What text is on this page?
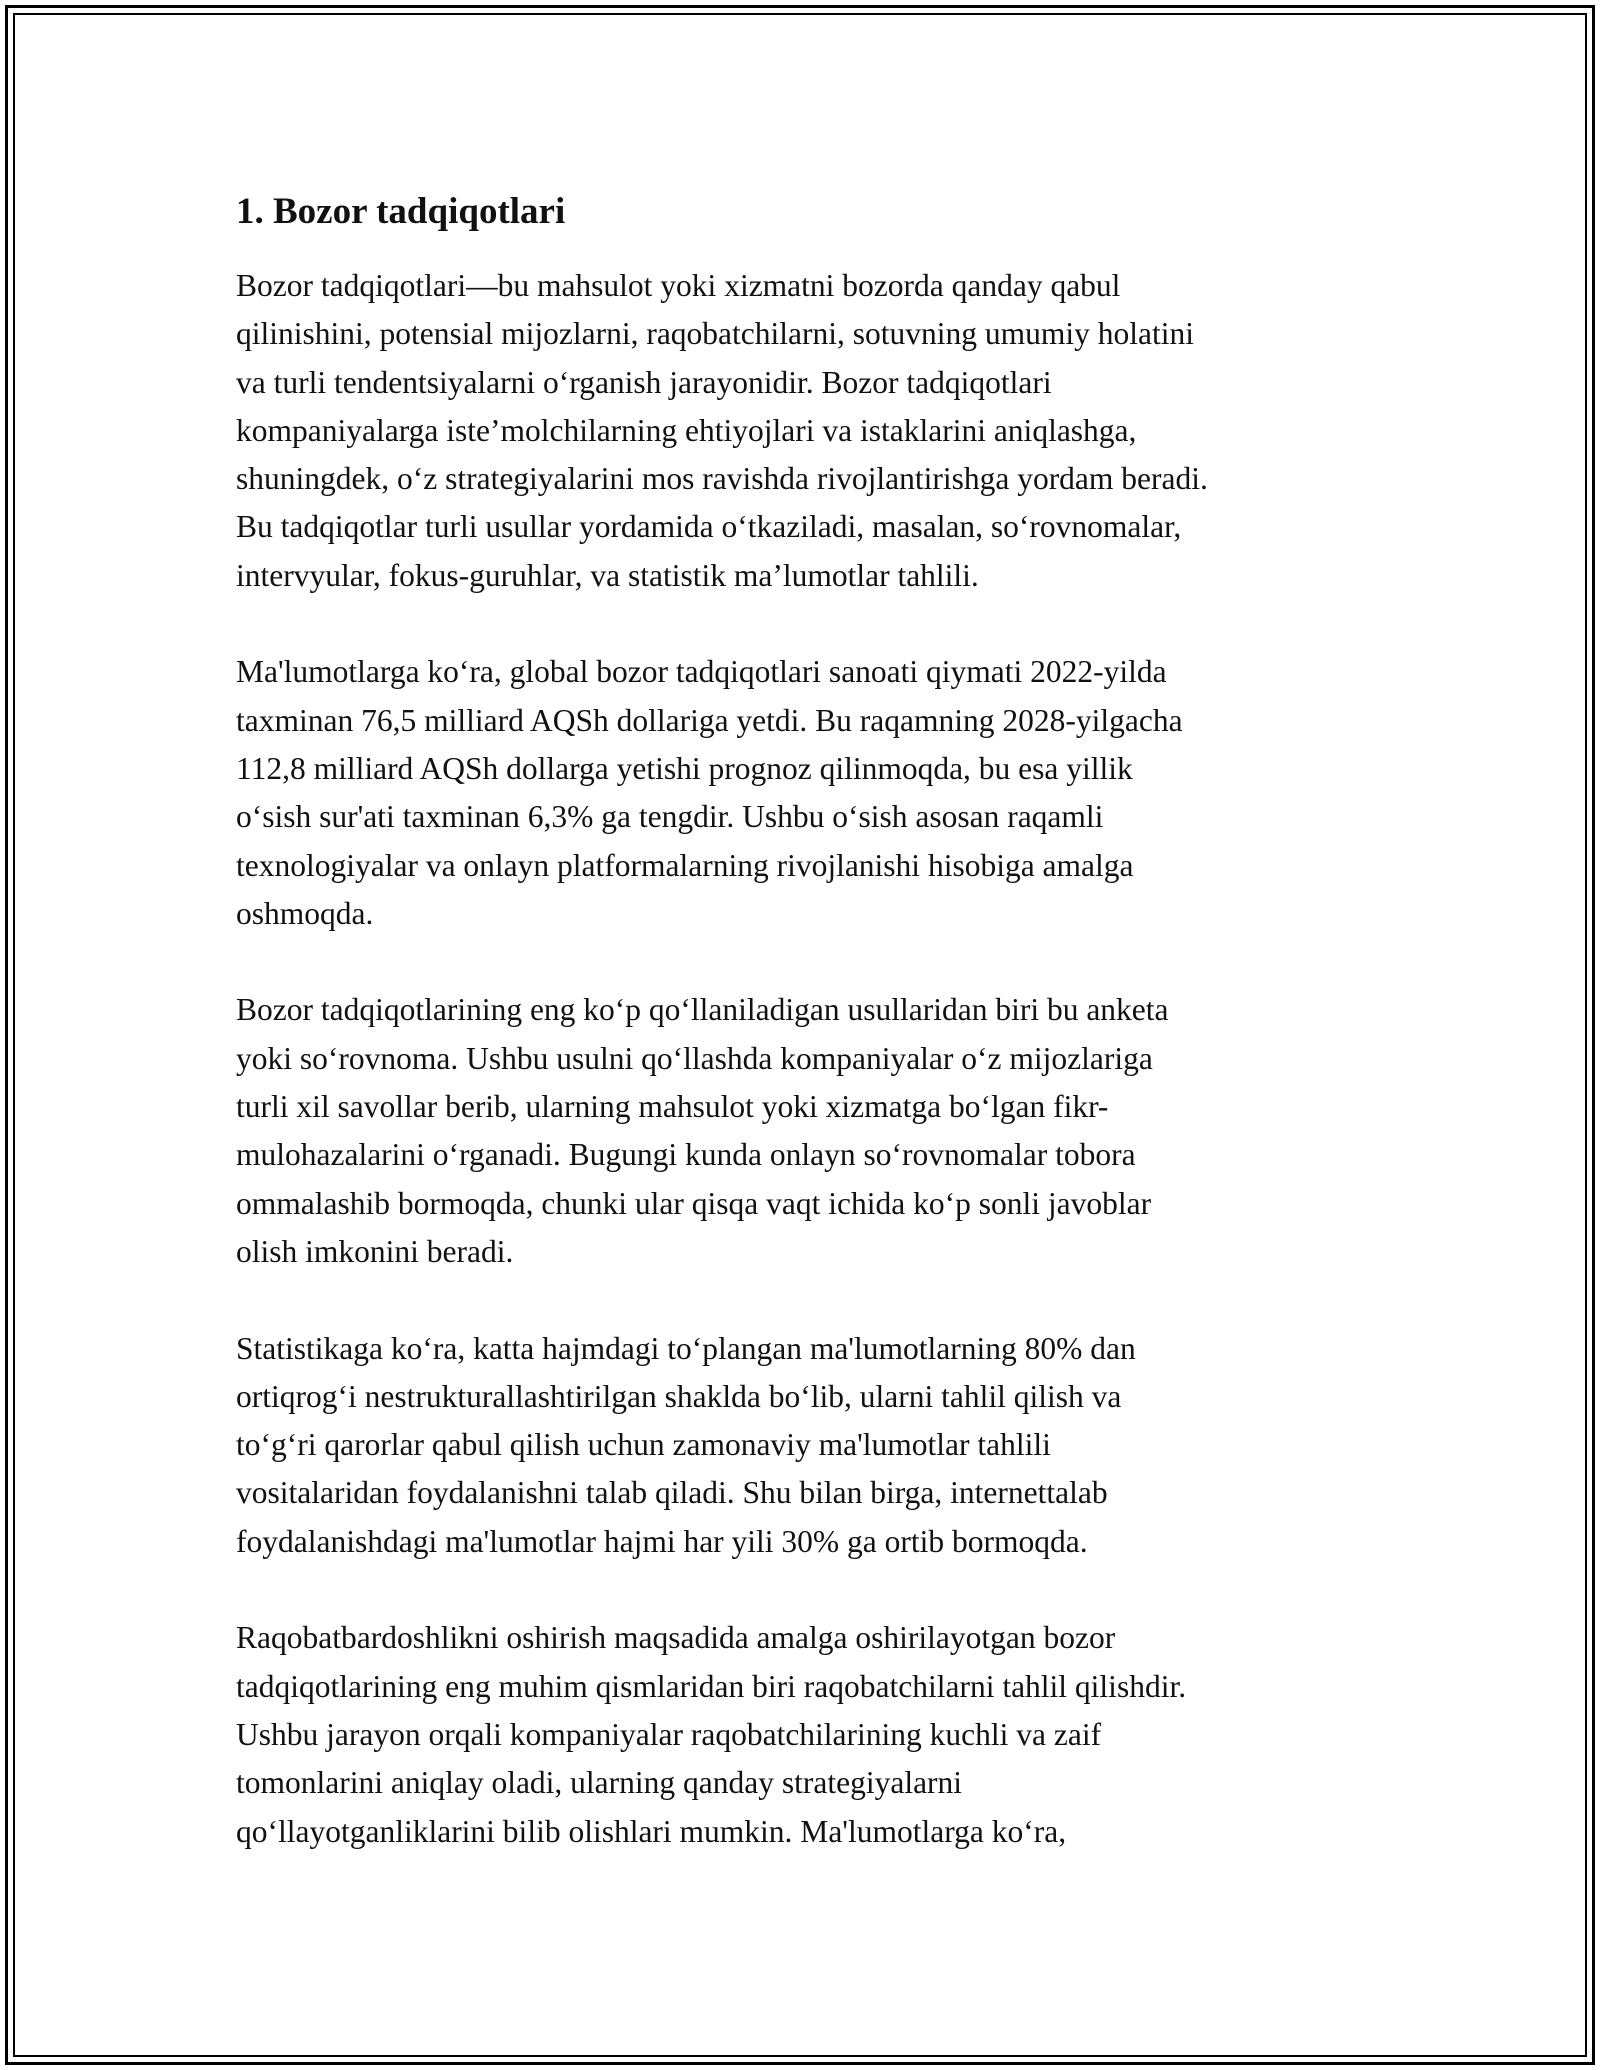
1. Bozor tadqiqotlari

Bozor tadqiqotlari—bu mahsulot yoki xizmatni bozorda qanday qabul
qilinishini, potensial mijozlarni, raqobatchilarni, sotuvning umumiy holatini
va turli tendentsiyalarni o‘rganish jarayonidir. Bozor tadqiqotlari
kompaniyalarga iste’molchilarning ehtiyojlari va istaklarini aniqlashga,
shuningdek, o‘z strategiyalarini mos ravishda rivojlantirishga yordam beradi.
Bu tadqiqotlar turli usullar yordamida o‘tkaziladi, masalan, so‘rovnomalar,
intervyular, fokus-guruhlar, va statistik ma’lumotlar tahlili.

Ma'lumotlarga ko‘ra, global bozor tadqiqotlari sanoati qiymati 2022-yilda
taxminan 76,5 milliard AQSh dollariga yetdi. Bu raqamning 2028-yilgacha
112,8 milliard AQSh dollarga yetishi prognoz qilinmoqda, bu esa yillik
o‘sish sur'ati taxminan 6,3% ga tengdir. Ushbu o‘sish asosan raqamli
texnologiyalar va onlayn platformalarning rivojlanishi hisobiga amalga
oshmoqda.

Bozor tadqiqotlarining eng ko‘p qo‘llaniladigan usullaridan biri bu anketa
yoki so‘rovnoma. Ushbu usulni qo‘llashda kompaniyalar o‘z mijozlariga
turli xil savollar berib, ularning mahsulot yoki xizmatga bo‘lgan fikr-
mulohazalarini o‘rganadi. Bugungi kunda onlayn so‘rovnomalar tobora
ommalashib bormoqda, chunki ular qisqa vaqt ichida ko‘p sonli javoblar
olish imkonini beradi.

Statistikaga ko‘ra, katta hajmdagi to‘plangan ma'lumotlarning 80% dan
ortiqrog‘i nestrukturallashtirilgan shaklda bo‘lib, ularni tahlil qilish va
to‘g‘ri qarorlar qabul qilish uchun zamonaviy ma'lumotlar tahlili
vositalaridan foydalanishni talab qiladi. Shu bilan birga, internettalab
foydalanishdagi ma'lumotlar hajmi har yili 30% ga ortib bormoqda.

Raqobatbardoshlikni oshirish maqsadida amalga oshirilayotgan bozor
tadqiqotlarining eng muhim qismlaridan biri raqobatchilarni tahlil qilishdir.
Ushbu jarayon orqali kompaniyalar raqobatchilarining kuchli va zaif
tomonlarini aniqlay oladi, ularning qanday strategiyalarni
qo‘llayotganliklarini bilib olishlari mumkin. Ma'lumotlarga ko‘ra,
